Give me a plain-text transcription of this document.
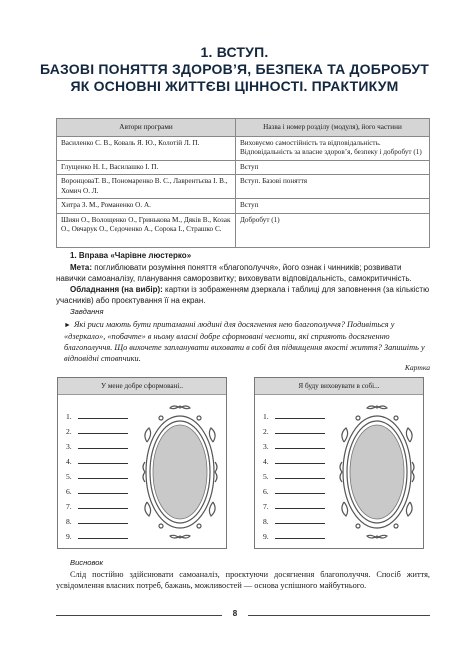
1. ВСТУП.
БАЗОВІ ПОНЯТТЯ ЗДОРОВ’Я, БЕЗПЕКА ТА ДОБРОБУТ
ЯК ОСНОВНІ ЖИТТЄВІ ЦІННОСТІ. ПРАКТИКУМ
Автори програми	Назва і номер розділу (модуля), його частини
Василенко С. В., Коваль Я. Ю., Колотій Л. П.	Виховуємо самостійність та відповідальність. Відповідальність за власне здоров’я, безпеку і добробут (1)
Глущенко Н. І., Василашко І. П.	Вступ
ВоронцоваТ. В., Пономаренко В. С., Лаврентьєва І. В., Хомич О. Л.	Вступ. Базові поняття
Хитра З. М., Романенко О. А.	Вступ
Шиян О., Волощенко О., Гринькова М., Дяків В., Козак О., Овчарук О., Седоченко А., Сорока І., Страшко С.	Добробут (1)
1. Вправа «Чарівне люстерко»
Мета: поглиблювати розуміння поняття «благополуччя», його ознак і чинників; розвивати навички самоаналізу, планування саморозвитку; виховувати відповідальність, самокритичність.
Обладнання (на вибір): картки із зображенням дзеркала і таблиці для заповнення (за кількістю учасників) або проєктування її на екран.
Завдання
► Які риси мають бути притаманні людині для досягнення нею благополуччя? Подивіться у «дзеркало», «побачте» в ньому власні добре сформовані чесноти, які сприяють досягненню благополуччя. Що вихочете запланувати виховати в собі для підвищення якості життя? Запишіть у відповідні стовпчики.
Картка
У мене добре сформовані..
1.
2.
3.
4.
5.
6.
7.
8.
9.
Я буду виховувати в собі...
1.
2.
3.
4.
5.
6.
7.
8.
9.
Висновок
Слід постійно здійснювати самоаналіз, проєктуючи досягнення благополуччя. Спосіб життя, усвідомлення власних потреб, бажань, можливостей — основа успішного майбутнього.
8
